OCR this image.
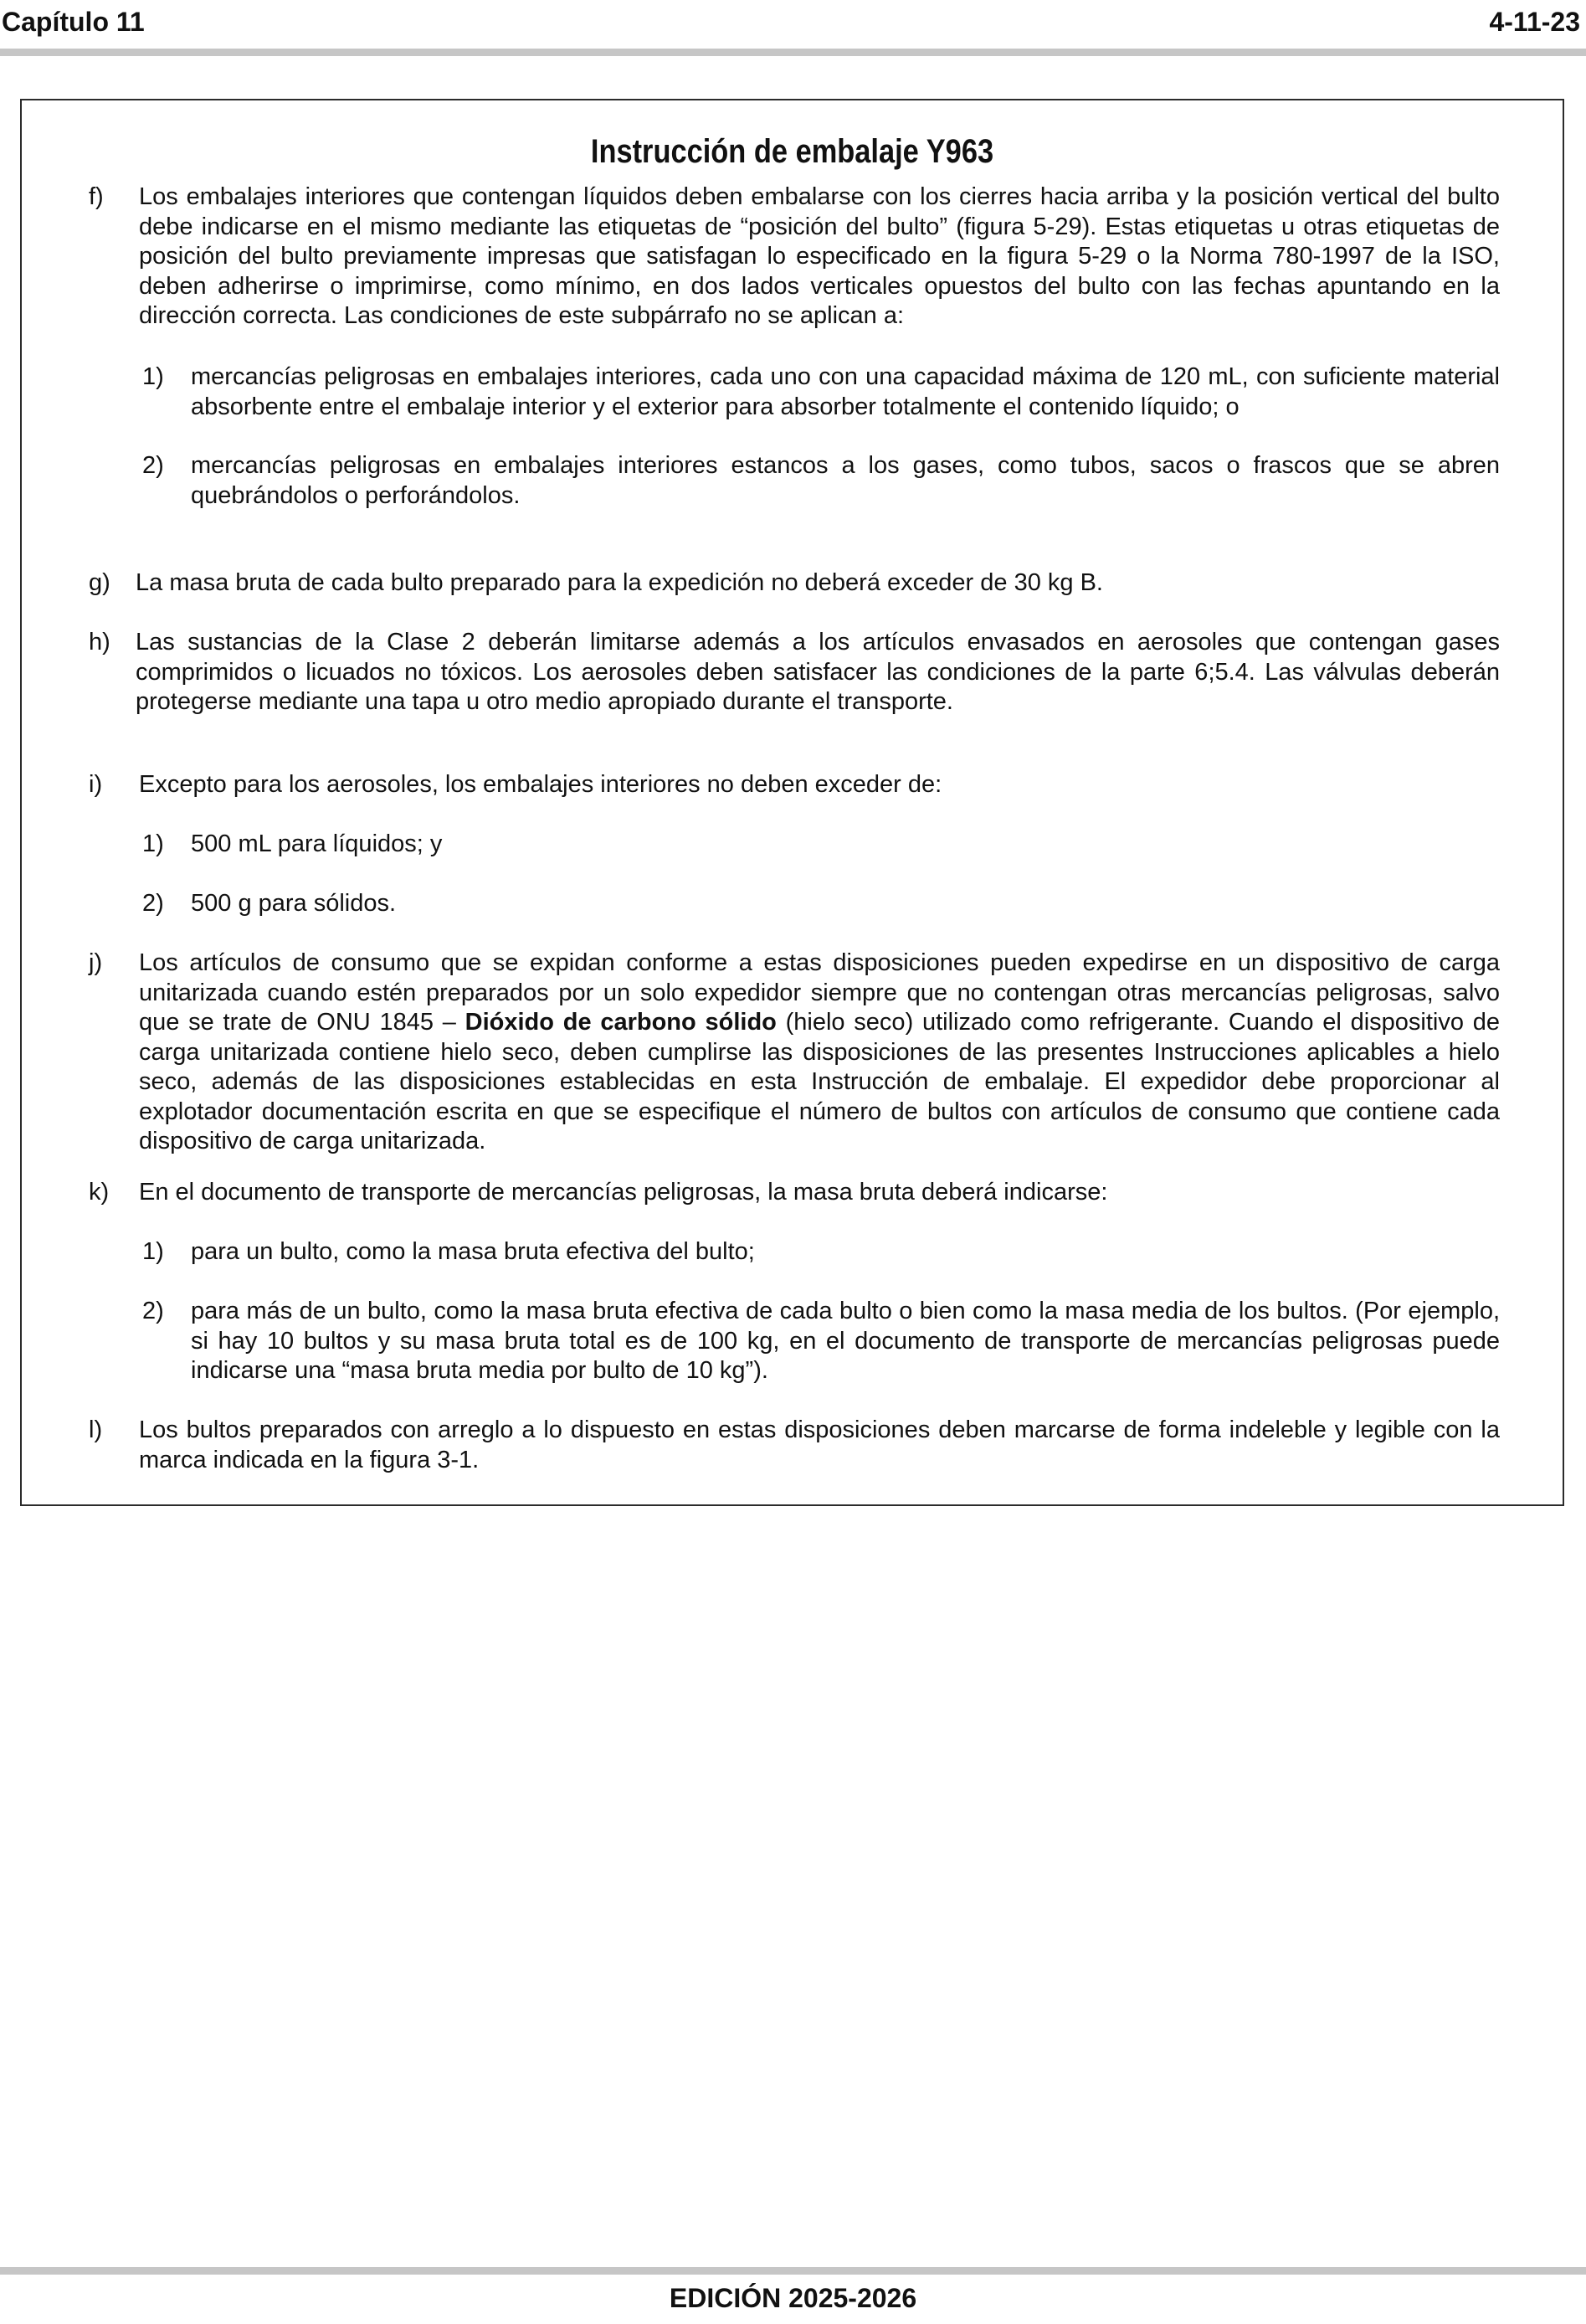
Capítulo 11	4-11-23
Instrucción de embalaje Y963
f) Los embalajes interiores que contengan líquidos deben embalarse con los cierres hacia arriba y la posición vertical del bulto debe indicarse en el mismo mediante las etiquetas de “posición del bulto” (figura 5-29). Estas etiquetas u otras etiquetas de posición del bulto previamente impresas que satisfagan lo especificado en la figura 5-29 o la Norma 780-1997 de la ISO, deben adherirse o imprimirse, como mínimo, en dos lados verticales opuestos del bulto con las fechas apuntando en la dirección correcta. Las condiciones de este subpárrafo no se aplican a:
1) mercancías peligrosas en embalajes interiores, cada uno con una capacidad máxima de 120 mL, con suficiente material absorbente entre el embalaje interior y el exterior para absorber totalmente el contenido líquido; o
2) mercancías peligrosas en embalajes interiores estancos a los gases, como tubos, sacos o frascos que se abren quebrándolos o perforándolos.
g) La masa bruta de cada bulto preparado para la expedición no deberá exceder de 30 kg B.
h) Las sustancias de la Clase 2 deberán limitarse además a los artículos envasados en aerosoles que contengan gases comprimidos o licuados no tóxicos. Los aerosoles deben satisfacer las condiciones de la parte 6;5.4. Las válvulas deberán protegerse mediante una tapa u otro medio apropiado durante el transporte.
i) Excepto para los aerosoles, los embalajes interiores no deben exceder de:
1) 500 mL para líquidos; y
2) 500 g para sólidos.
j) Los artículos de consumo que se expidan conforme a estas disposiciones pueden expedirse en un dispositivo de carga unitarizada cuando estén preparados por un solo expedidor siempre que no contengan otras mercancías peligrosas, salvo que se trate de ONU 1845 – Dióxido de carbono sólido (hielo seco) utilizado como refrigerante. Cuando el dispositivo de carga unitarizada contiene hielo seco, deben cumplirse las disposiciones de las presentes Instrucciones aplicables a hielo seco, además de las disposiciones establecidas en esta Instrucción de embalaje. El expedidor debe proporcionar al explotador documentación escrita en que se especifique el número de bultos con artículos de consumo que contiene cada dispositivo de carga unitarizada.
k) En el documento de transporte de mercancías peligrosas, la masa bruta deberá indicarse:
1) para un bulto, como la masa bruta efectiva del bulto;
2) para más de un bulto, como la masa bruta efectiva de cada bulto o bien como la masa media de los bultos. (Por ejemplo, si hay 10 bultos y su masa bruta total es de 100 kg, en el documento de transporte de mercancías peligrosas puede indicarse una “masa bruta media por bulto de 10 kg”).
l) Los bultos preparados con arreglo a lo dispuesto en estas disposiciones deben marcarse de forma indeleble y legible con la marca indicada en la figura 3-1.
EDICIÓN 2025-2026
